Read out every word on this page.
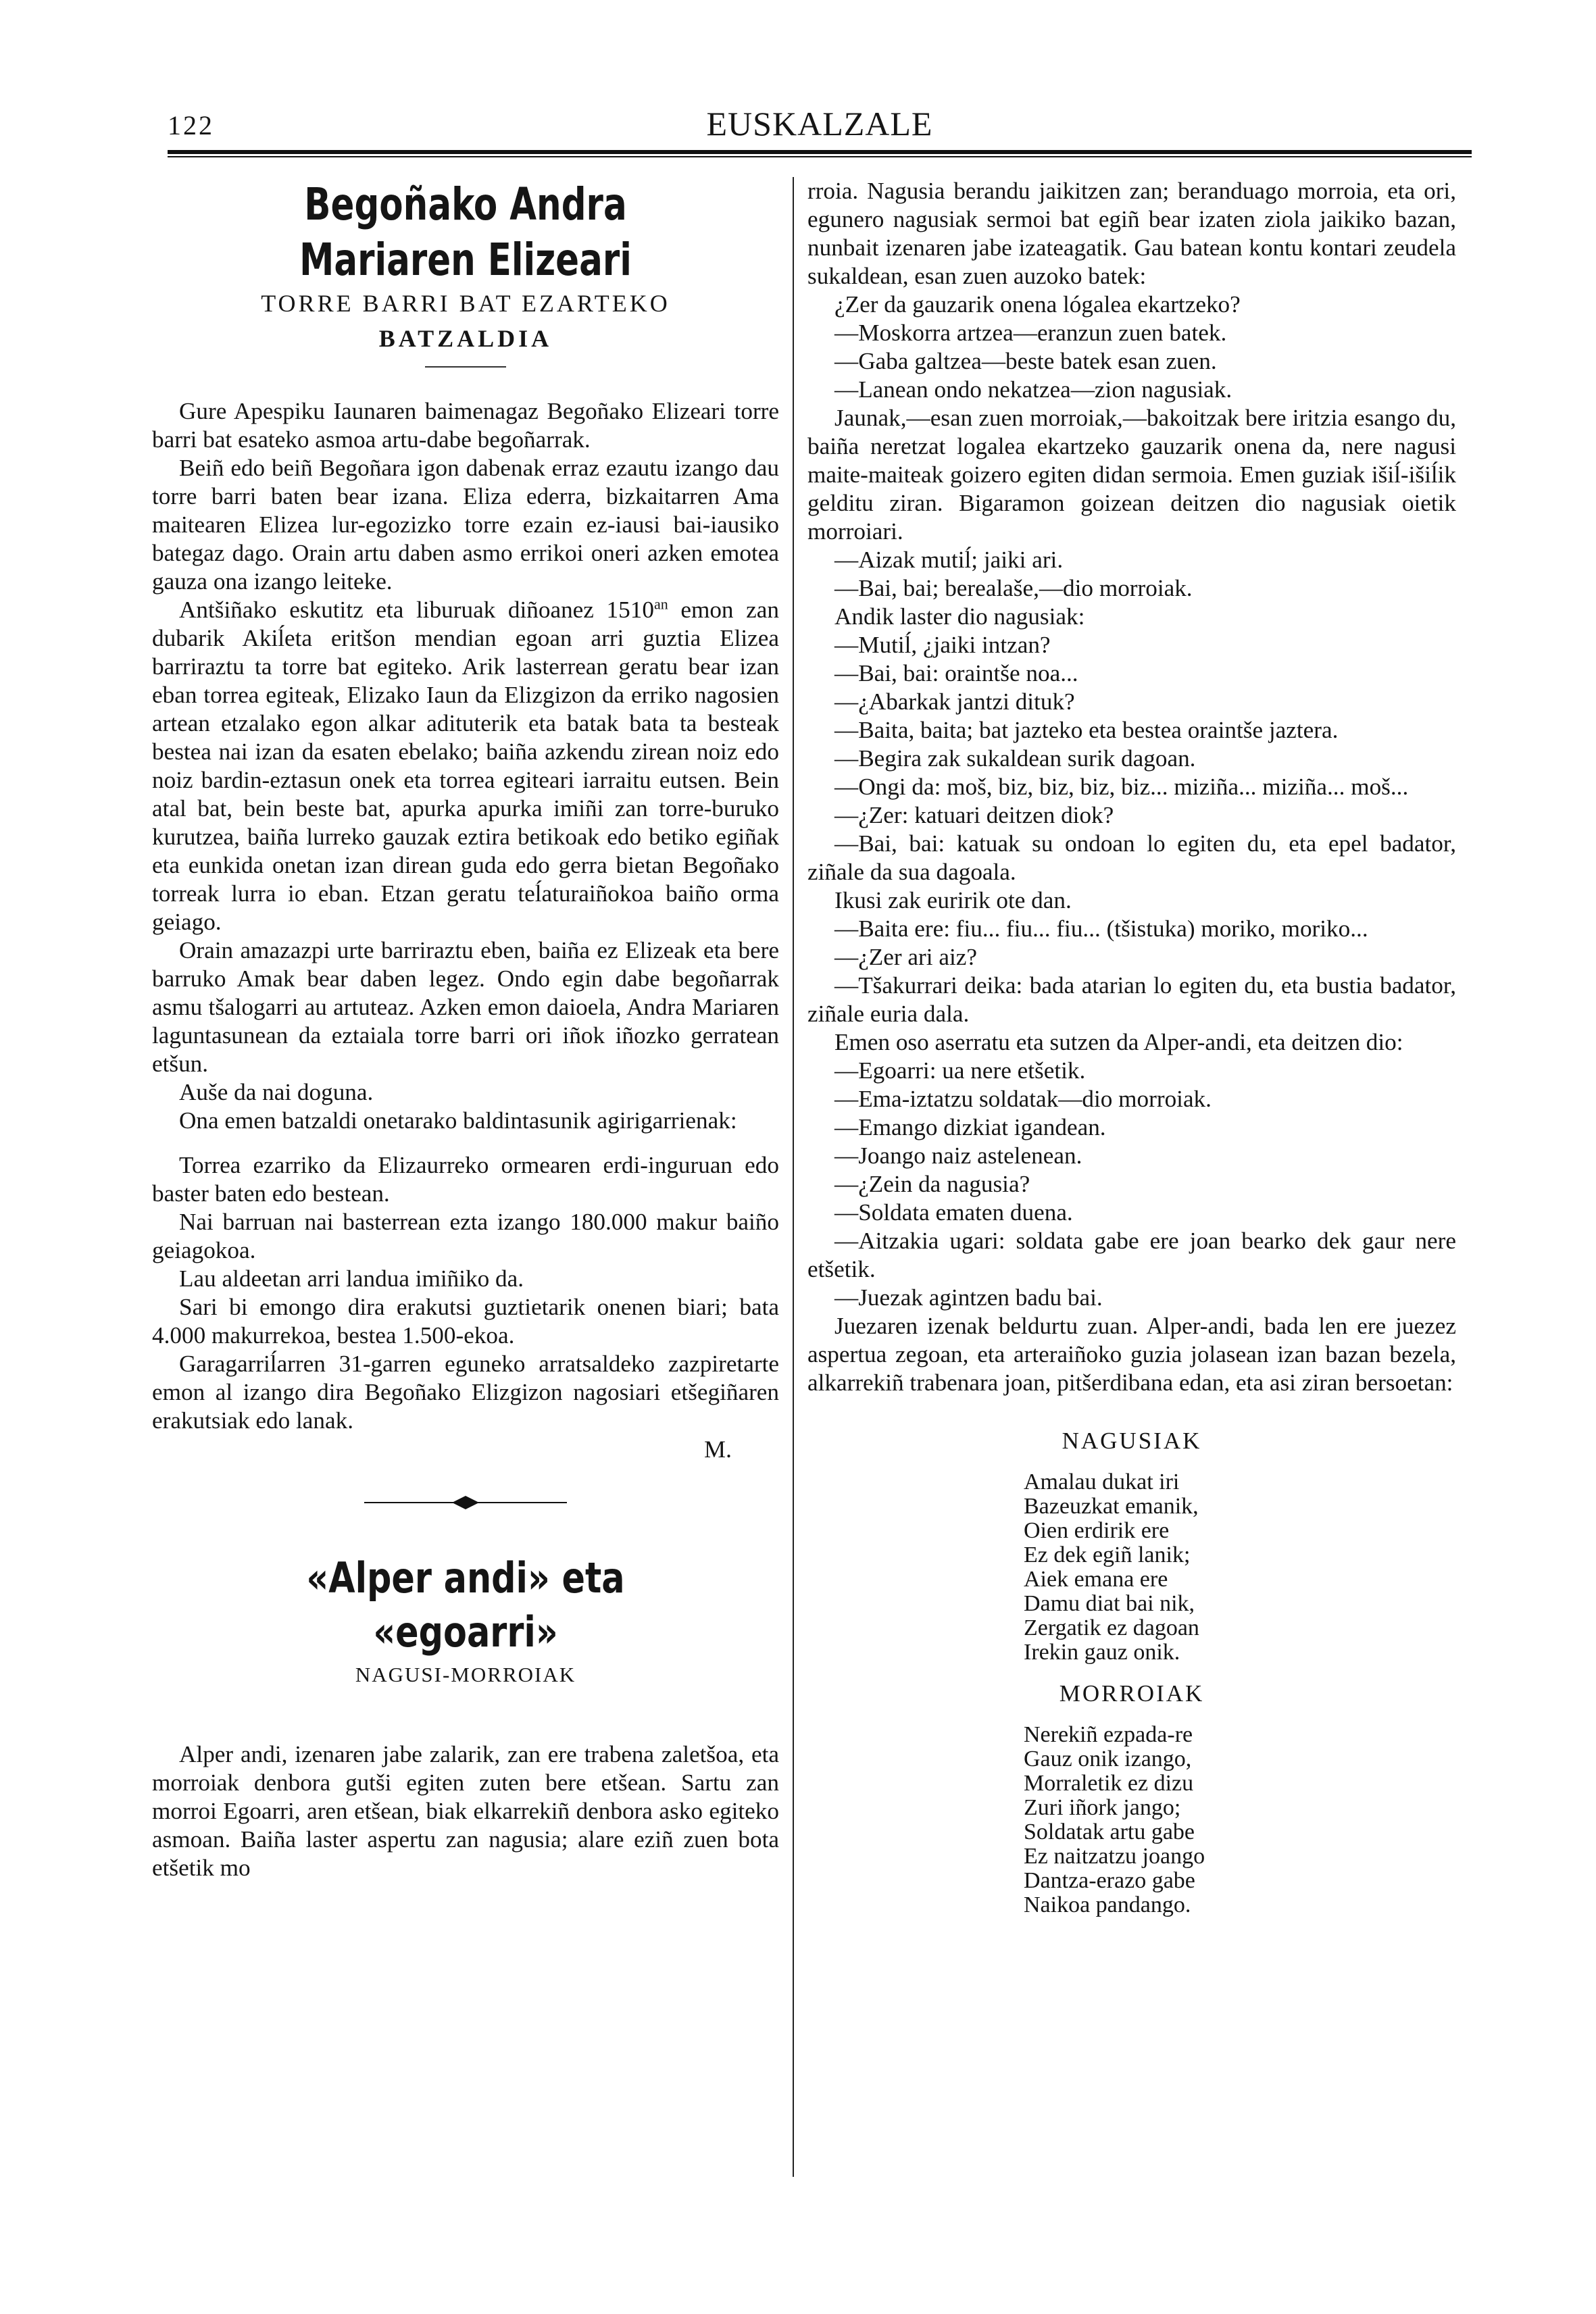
122	EUSKALZALE
Begoñako Andra Mariaren Elizeari
TORRE BARRI BAT EZARTEKO
BATZALDIA

Gure Apespiku Iaunaren baimenagaz Begoñako Elizeari torre barri bat esateko asmoa artu-dabe begoñarrak.

Beiñ edo beiñ Begoñara igon dabenak erraz ezautu izango dau torre barri baten bear izana. Eliza ederra, bizkaitarren Ama maitearen Elizea lur-egozizko torre ezain ez-iausi bai-iausiko bategaz dago. Orain artu daben asmo errikoi oneri azken emotea gauza ona izango leiteke.

Antšiñako eskutitz eta liburuak diñoanez $1510^{an}$ emon zan dubarik Akiĺeta eritšon mendian egoan arri guztia Elizea barriraztu ta torre bat egiteko. Arik lasterrean geratu bear izan eban torrea egiteak, Elizako Iaun da Elizgizon da erriko nagosien artean etzalako egon alkar adituterik eta batak bata ta besteak bestea nai izan da esaten ebelako; baiña azkendu zirean noiz edo noiz bardin-eztasun onek eta torrea egiteari iarraitu eutsen. Bein atal bat, bein beste bat, apurka apurka imiñi zan torre-buruko kurutzea, baiña lurreko gauzak eztira betikoak edo betiko egiñak eta eunkida onetan izan direan guda edo gerra bietan Begoñako torreak lurra io eban. Etzan geratu teĺaturaiñokoa baiño orma geiago.

Orain amazazpi urte barriraztu eben, baiña ez Elizeak eta bere barruko Amak bear daben legez. Ondo egin dabe begoñarrak asmu tšalogarri au artuteaz. Azken emon daioela, Andra Mariaren laguntasunean da eztaiala torre barri ori iñok iñozko gerratean etšun.

Auše da nai doguna.

Ona emen batzaldi onetarako baldintasunik agirigarrienak:

Torrea ezarriko da Elizaurreko ormearen erdi-inguruan edo baster baten edo bestean.

Nai barruan nai basterrean ezta izango 180.000 makur baiño geiagokoa.

Lau aldeetan arri landua imiñiko da.

Sari bi emongo dira erakutsi guztietarik onenen biari; bata 4.000 makurrekoa, bestea 1.500-ekoa.

Garagarriĺarren 31-garren eguneko arratsaldeko zazpiretarte emon al izango dira Begoñako Elizgizon nagosiari etšegiñaren erakutsiak edo lanak.

M.

«Alper andi» eta «egoarri»
NAGUSI-MORROIAK

Alper andi, izenaren jabe zalarik, zan ere trabena zaletšoa, eta morroiak denbora gutši egiten zuten bere etšean. Sartu zan morroi Egoarri, aren etšean, biak elkarrekiñ denbora asko egiteko asmoan. Baiña laster aspertu zan nagusia; alare eziñ zuen bota etšetik mo

rroia. Nagusia berandu jaikitzen zan; beranduago morroia, eta ori, egunero nagusiak sermoi bat egiñ bear izaten ziola jaikiko bazan, nunbait izenaren jabe izateagatik. Gau batean kontu kontari zeudela sukaldean, esan zuen auzoko batek:

¿Zer da gauzarik onena lógalea ekartzeko?

—Moskorra artzea—eranzun zuen batek.

—Gaba galtzea—beste batek esan zuen.

—Lanean ondo nekatzea—zion nagusiak.

Jaunak,—esan zuen morroiak,—bakoitzak bere iritzia esango du, baiña neretzat logalea ekartzeko gauzarik onena da, nere nagusi maite-maiteak goizero egiten didan sermoia. Emen guziak išiĺ-išiĺik gelditu ziran. Bigaramon goizean deitzen dio nagusiak oietik morroiari.

—Aizak mutiĺ; jaiki ari.

—Bai, bai; berealaše,—dio morroiak.

Andik laster dio nagusiak:

—Mutiĺ, ¿jaiki intzan?

—Bai, bai: oraintše noa...

—¿Abarkak jantzi dituk?

—Baita, baita; bat jazteko eta bestea oraintše jaztera.

—Begira zak sukaldean surik dagoan.

—Ongi da: moš, biz, biz, biz, biz... miziña... miziña... moš...

—¿Zer: katuari deitzen diok?

—Bai, bai: katuak su ondoan lo egiten du, eta epel badator, ziñale da sua dagoala.

Ikusi zak euririk ote dan.

—Baita ere: fiu... fiu... fiu... (tšistuka) moriko, moriko...

—¿Zer ari aiz?

—Tšakurrari deika: bada atarian lo egiten du, eta bustia badator, ziñale euria dala.

Emen oso aserratu eta sutzen da Alper-andi, eta deitzen dio:

—Egoarri: ua nere etšetik.

—Ema-iztatzu soldatak—dio morroiak.

—Emango dizkiat igandean.

—Joango naiz astelenean.

—¿Zein da nagusia?

—Soldata ematen duena.

—Aitzakia ugari: soldata gabe ere joan bearko dek gaur nere etšetik.

—Juezak agintzen badu bai.

Juezaren izenak beldurtu zuan. Alper-andi, bada len ere juezez aspertua zegoan, eta arteraiñoko guzia jolasean izan bazan bezela, alkarrekiñ trabenara joan, pitšerdibana edan, eta asi ziran bersoetan:

NAGUSIAK
Amalau dukat iri
Bazeuzkat emanik,
Oien erdirik ere
Ez dek egiñ lanik;
Aiek emana ere
Damu diat bai nik,
Zergatik ez dagoan
Irekin gauz onik.
MORROIAK
Nerekiñ ezpada-re
Gauz onik izango,
Morraletik ez dizu
Zuri iñork jango;
Soldatak artu gabe
Ez naitzatzu joango
Dantza-erazo gabe
Naikoa pandango.
